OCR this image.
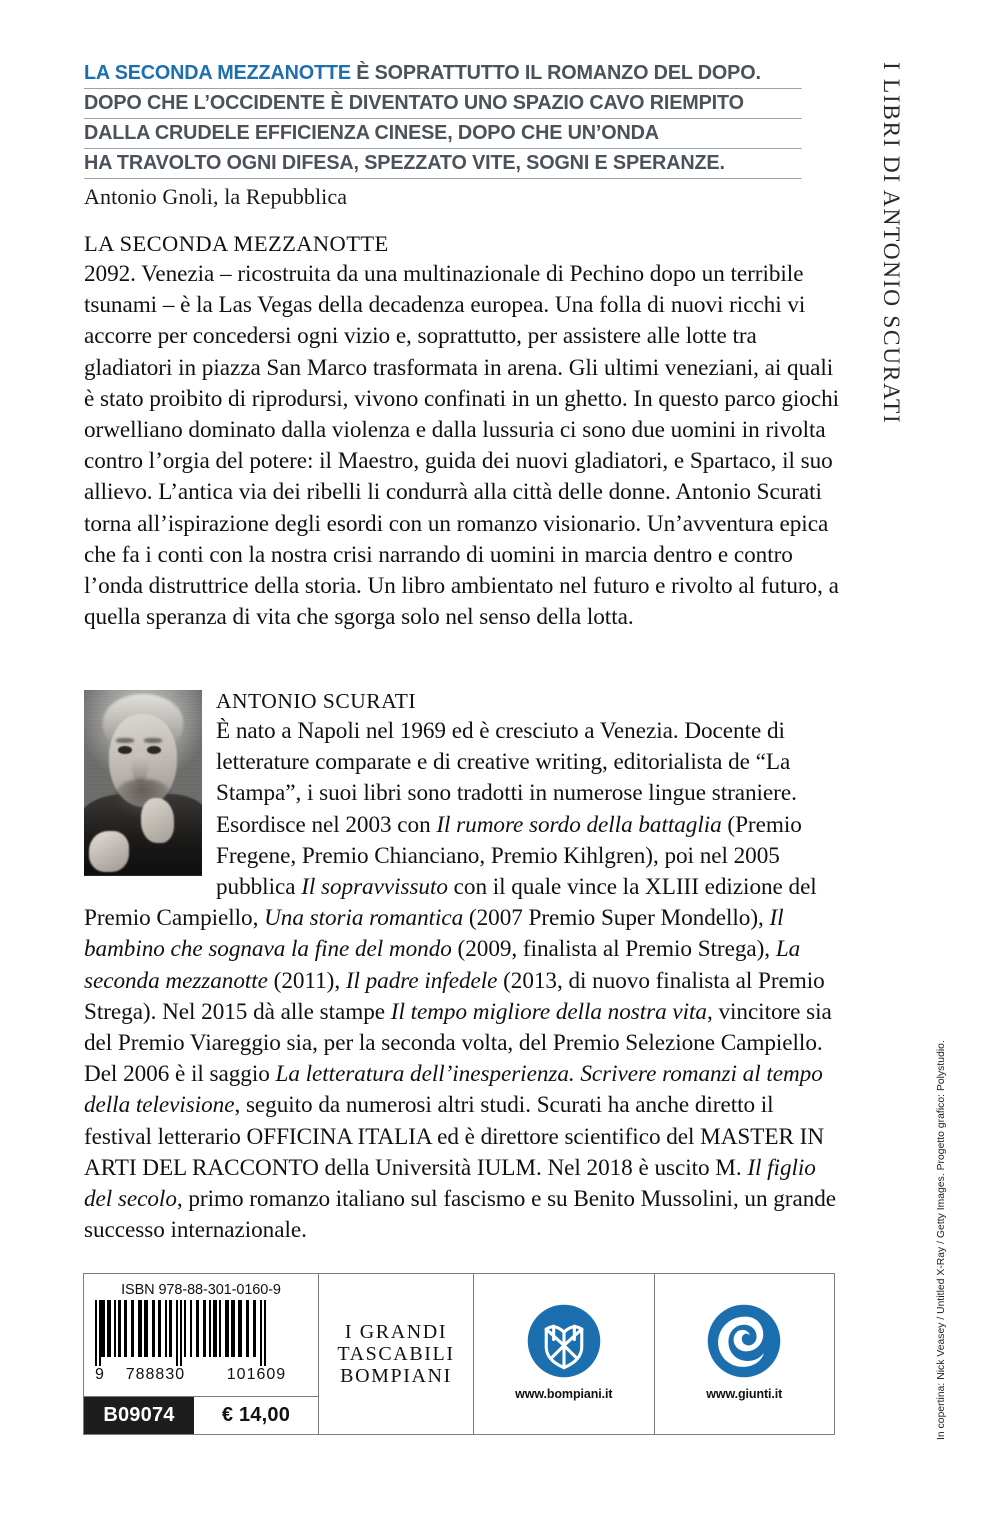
LA SECONDA MEZZANOTTE È SOPRATTUTTO IL ROMANZO DEL DOPO.
DOPO CHE L’OCCIDENTE È DIVENTATO UNO SPAZIO CAVO RIEMPITO
DALLA CRUDELE EFFICIENZA CINESE, DOPO CHE UN’ONDA
HA TRAVOLTO OGNI DIFESA, SPEZZATO VITE, SOGNI E SPERANZE.
Antonio Gnoli, la Repubblica
LA SECONDA MEZZANOTTE
2092. Venezia – ricostruita da una multinazionale di Pechino dopo un terribile tsunami – è la Las Vegas della decadenza europea. Una folla di nuovi ricchi vi accorre per concedersi ogni vizio e, soprattutto, per assistere alle lotte tra gladiatori in piazza San Marco trasformata in arena. Gli ultimi veneziani, ai quali è stato proibito di riprodursi, vivono confinati in un ghetto. In questo parco giochi orwelliano dominato dalla violenza e dalla lussuria ci sono due uomini in rivolta contro l’orgia del potere: il Maestro, guida dei nuovi gladiatori, e Spartaco, il suo allievo. L’antica via dei ribelli li condurrà alla città delle donne. Antonio Scurati torna all’ispirazione degli esordi con un romanzo visionario. Un’avventura epica che fa i conti con la nostra crisi narrando di uomini in marcia dentro e contro l’onda distruttrice della storia. Un libro ambientato nel futuro e rivolto al futuro, a quella speranza di vita che sgorga solo nel senso della lotta.
ANTONIO SCURATI
È nato a Napoli nel 1969 ed è cresciuto a Venezia. Docente di letterature comparate e di creative writing, editorialista de “La Stampa”, i suoi libri sono tradotti in numerose lingue straniere. Esordisce nel 2003 con Il rumore sordo della battaglia (Premio Fregene, Premio Chianciano, Premio Kihlgren), poi nel 2005 pubblica Il sopravvissuto con il quale vince la XLIII edizione del Premio Campiello, Una storia romantica (2007 Premio Super Mondello), Il bambino che sognava la fine del mondo (2009, finalista al Premio Strega), La seconda mezzanotte (2011), Il padre infedele (2013, di nuovo finalista al Premio Strega). Nel 2015 dà alle stampe Il tempo migliore della nostra vita, vincitore sia del Premio Viareggio sia, per la seconda volta, del Premio Selezione Campiello. Del 2006 è il saggio La letteratura dell’inesperienza. Scrivere romanzi al tempo della televisione, seguito da numerosi altri studi. Scurati ha anche diretto il festival letterario OFFICINA ITALIA ed è direttore scientifico del MASTER IN ARTI DEL RACCONTO della Università IULM. Nel 2018 è uscito M. Il figlio del secolo, primo romanzo italiano sul fascismo e su Benito Mussolini, un grande successo internazionale.
I LIBRI DI ANTONIO SCURATI
In copertina: Nick Veasey / Untitled X-Ray / Getty Images. Progetto grafico: Polystudio.
ISBN 978-88-301-0160-9
9	788830	101609
B09074	€ 14,00
I GRANDI
TASCABILI
BOMPIANI
www.bompiani.it	www.giunti.it
